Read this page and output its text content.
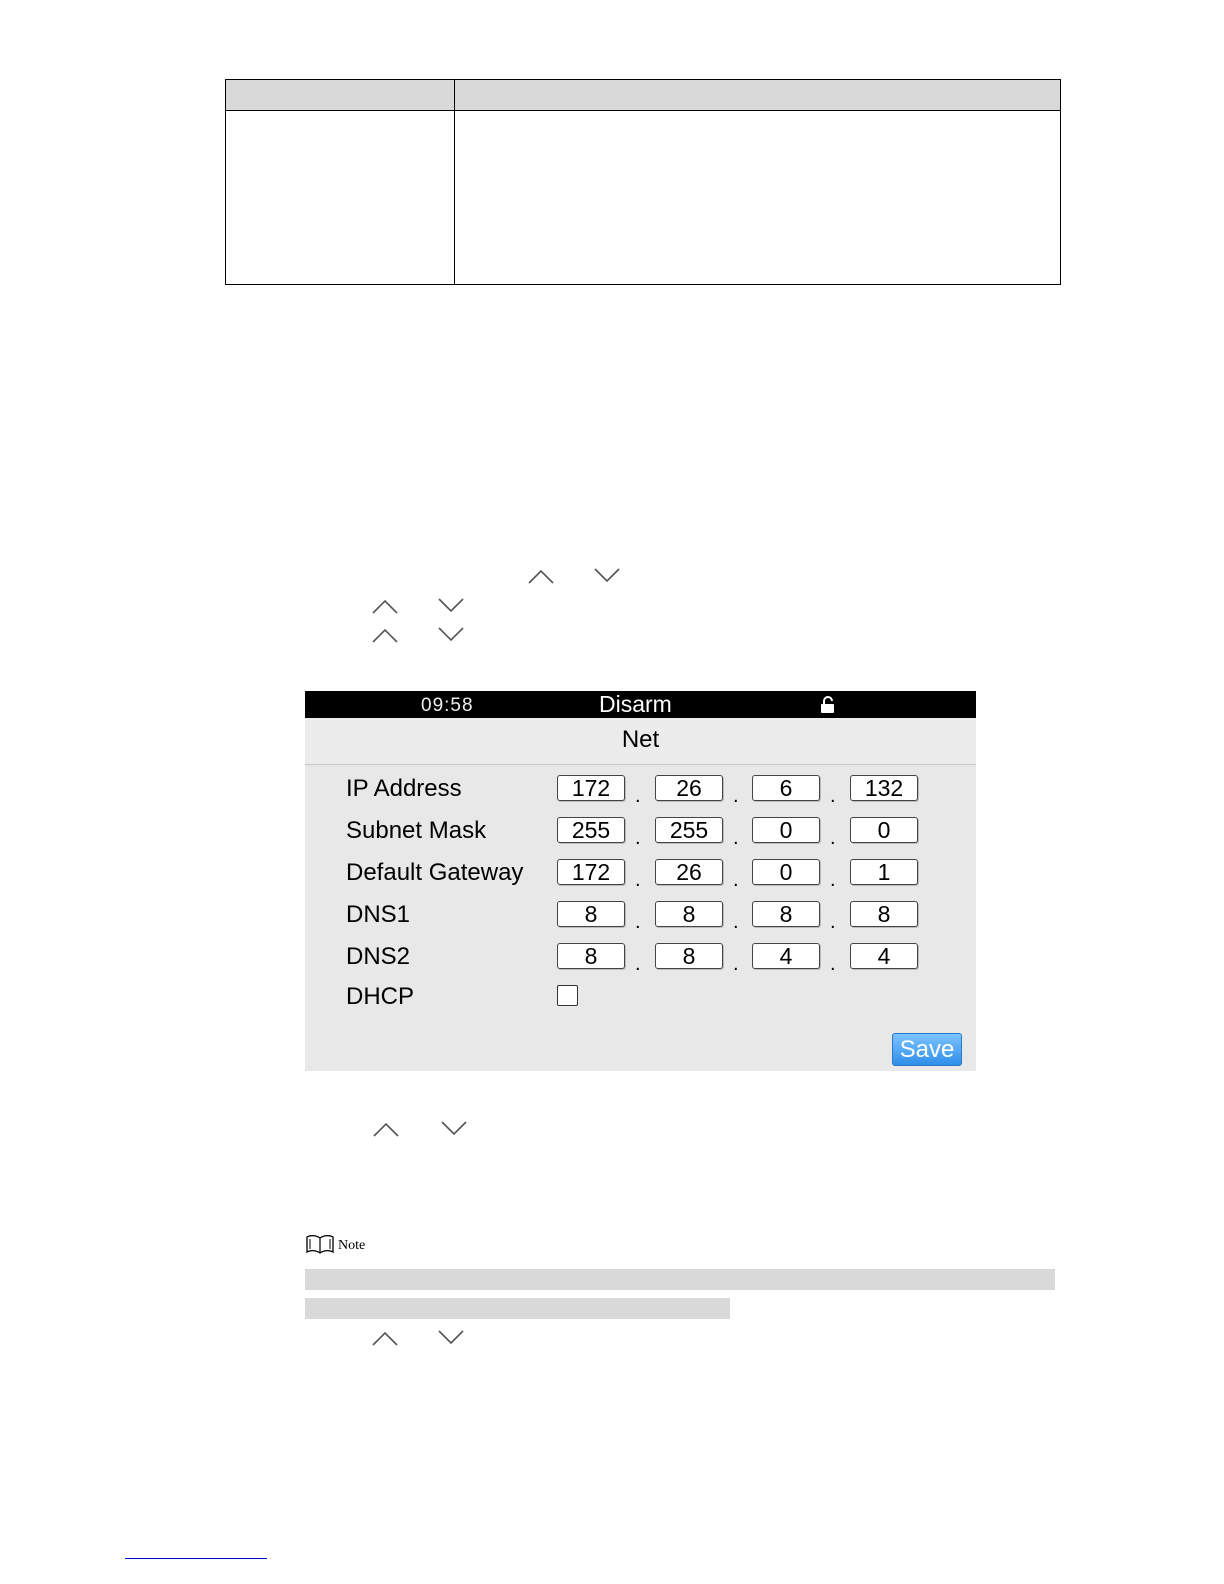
09:58	Disarm
Net
IP Address	172	.	26	.	6	.	132
Subnet Mask	255	.	255	.	0	.	0
Default Gateway	172	.	26	.	0	.	1
DNS1	8	.	8	.	8	.	8
DNS2	8	.	8	.	4	.	4
DHCP
Save
Note
